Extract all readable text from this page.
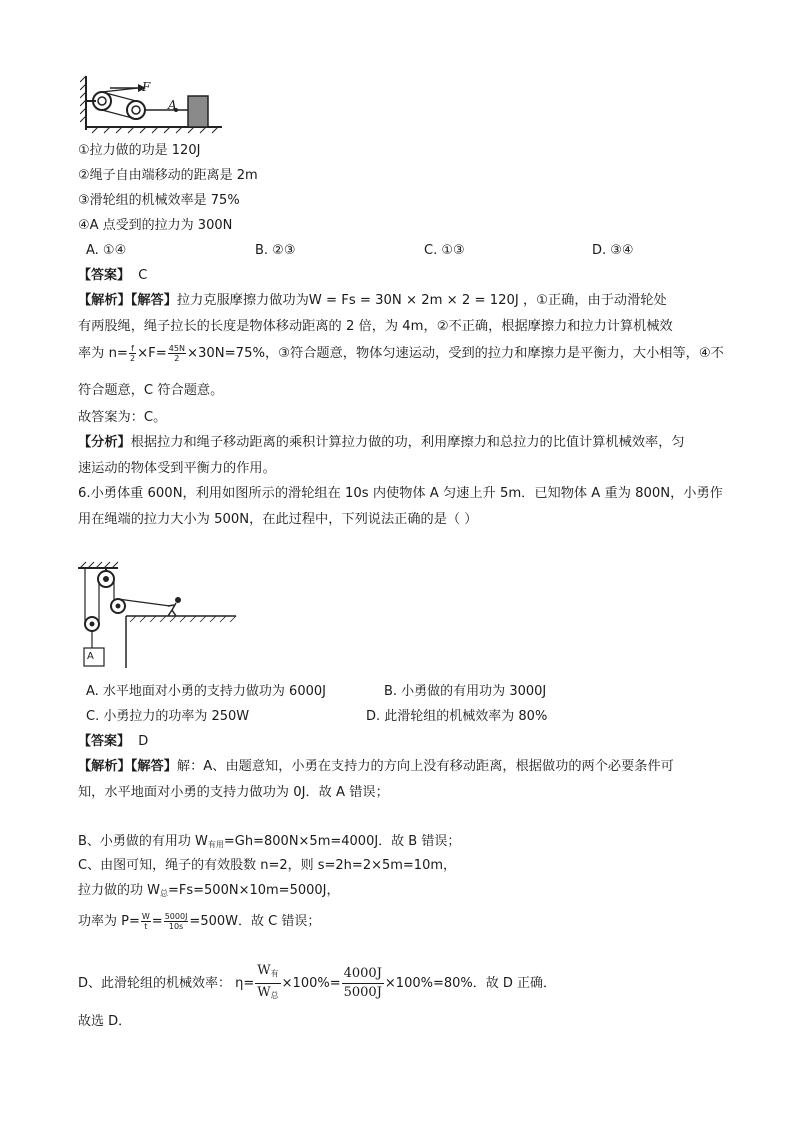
F
A
①拉力做的功是 120J
②绳子自由端移动的距离是 2m
③滑轮组的机械效率是 75%
④A 点受到的拉力为 300N
A. ①④	B. ②③	C. ①③	D. ③④
【答案】 C
【解析】【解答】拉力克服摩擦力做功为W = Fs = 30N × 2m × 2 = 120J ，①正确，由于动滑轮处
有两股绳，绳子拉长的长度是物体移动距离的 2 倍，为 4m，②不正确，根据摩擦力和拉力计算机械效
率为 $n= \frac{f}{2} \times F= \frac{45N}{2} \times 30N=75\%$，③符合题意，物体匀速运动，受到的拉力和摩擦力是平衡力，大小相等，④不
符合题意，C 符合题意。
故答案为：C。
【分析】根据拉力和绳子移动距离的乘积计算拉力做的功，利用摩擦力和总拉力的比值计算机械效率，匀
速运动的物体受到平衡力的作用。
6.小勇体重 600N，利用如图所示的滑轮组在 10s 内使物体 A 匀速上升 5m．已知物体 A 重为 800N，小勇作
用在绳端的拉力大小为 500N，在此过程中，下列说法正确的是（ ）
A
A. 水平地面对小勇的支持力做功为 6000J	B. 小勇做的有用功为 3000J
C. 小勇拉力的功率为 250W	D. 此滑轮组的机械效率为 80%
【答案】 D
【解析】【解答】解：A、由题意知，小勇在支持力的方向上没有移动距离，根据做功的两个必要条件可
知，水平地面对小勇的支持力做功为 0J．故 A 错误；
B、小勇做的有用功 $W_{有用}=Gh=800N\times 5m=4000J$．故 B 错误；
C、由图可知，绳子的有效股数 n=2，则 s=2h=2×5m=10m，
拉力做的功 $W_总=Fs=500N\times 10m=5000J$，
功率为 $P= \frac{W}{t} = \frac{5000J}{10s} =500W$．故 C 错误；
D、此滑轮组的机械效率： $\eta= \frac{W_有}{W_总} \times 100\%= \frac{4000J}{5000J} \times 100\%=80\%$．故 D 正确．
故选 D．
